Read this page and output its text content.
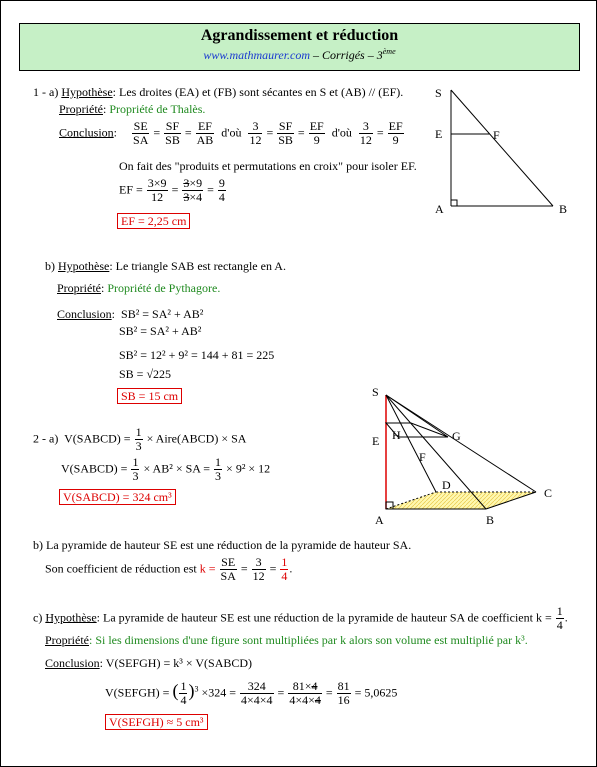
Agrandissement et réduction
www.mathmaurer.com – Corrigés – 3ème
1 - a) Hypothèse: Les droites (EA) et (FB) sont sécantes en S et (AB) // (EF).
Propriété: Propriété de Thalès.
Conclusion: $\frac{SE}{SA} = \frac{SF}{SB} = \frac{EF}{AB}$ d'où $\frac{3}{12} = \frac{SF}{SB} = \frac{EF}{9}$ d'où $\frac{3}{12} = \frac{EF}{9}$
On fait des "produits et permutations en croix" pour isoler EF.
EF = $\frac{3\times 9}{12} = \frac{3\times 9}{3\times 4} = \frac{9}{4}$
EF = 2,25 cm
b) Hypothèse: Le triangle SAB est rectangle en A.
Propriété: Propriété de Pythagore.
Conclusion:  SB² = SA² + AB²
SB² = SA² + AB²
SB² = 12² + 9² = 144 + 81 = 225
SB = √225
SB = 15 cm
2 - a) V(SABCD) = $\frac{1}{3}$ × Aire(ABCD) × SA
V(SABCD) = $\frac{1}{3} \times AB^2$ × SA = $\frac{1}{3} \times 9^2 \times 12$
V(SABCD) = 324 cm³
b) La pyramide de hauteur SE est une réduction de la pyramide de hauteur SA.
Son coefficient de réduction est $k = \frac{SE}{SA} = \frac{3}{12} = \frac{1}{4}$ .
c) Hypothèse: La pyramide de hauteur SE est une réduction de la pyramide de hauteur SA de coefficient $k = \frac{1}{4}$ .
Propriété: Si les dimensions d'une figure sont multipliées par k alors son volume est multiplié par k³.
Conclusion: V(SEFGH) = k³ × V(SABCD)
V(SEFGH) = ( $\frac{1}{4} )^3 \times 324 = \frac{324}{4\times 4\times 4} = \frac{81\times 4}{4\times 4\times 4} = \frac{81}{16} = 5,0625$
V(SEFGH) ≈ 5 cm³
S
E	F
A	B
S
E H	G
F
D
C
A	B
